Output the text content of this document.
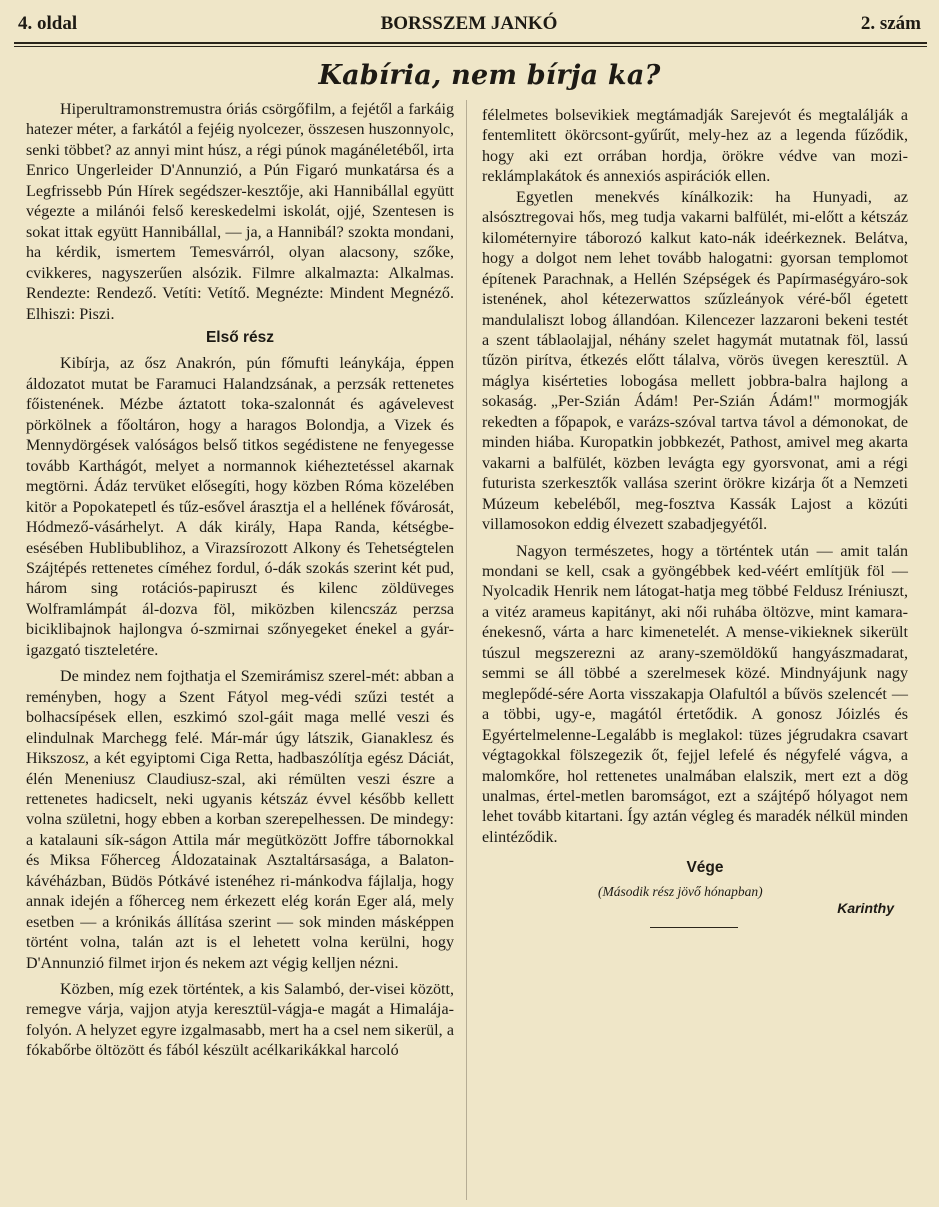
4. oldal	BORSSZEM JANKÓ	2. szám
Kabíria, nem bírja ka?

Hiperultramonstremustra óriás csörgőfilm, a fejétől a farkáig hatezer méter, a farkától a fejéig nyolcezer, összesen huszonnyolc, senki többet? az annyi mint húsz, a régi púnok magánéletéből, irta Enrico Ungerleider D'Annunzió, a Pún Figaró munkatársa és a Legfrissebb Pún Hírek segédszer-kesztője, aki Hannibállal együtt végezte a milánói felső kereskedelmi iskolát, ojjé, Szentesen is sokat ittak együtt Hannibállal, — ja, a Hannibál? szokta mondani, ha kérdik, ismertem Temesvárról, olyan alacsony, szőke, cvikkeres, nagyszerűen alsózik. Filmre alkalmazta: Alkalmas. Rendezte: Rendező. Vetíti: Vetítő. Megnézte: Mindent Megnéző. Elhiszi: Piszi.

Első rész

Kibírja, az ősz Anakrón, pún főmufti leánykája, éppen áldozatot mutat be Faramuci Halandzsának, a perzsák rettenetes főistenének. Mézbe áztatott toka-szalonnát és agávelevest pörkölnek a főoltáron, hogy a haragos Bolondja, a Vizek és Mennydörgések valóságos belső titkos segédistene ne fenyegesse tovább Karthágót, melyet a normannok kiéheztetéssel akarnak megtörni. Ádáz tervüket elősegíti, hogy közben Róma közelében kitör a Popokatepetl és tűz-esővel árasztja el a hellének fővárosát, Hódmező-vásárhelyt. A dák király, Hapa Randa, kétségbe-esésében Hublibublihoz, a Virazsírozott Alkony és Tehetségtelen Szájtépés rettenetes címéhez fordul, ó-dák szokás szerint két pud, három sing rotációs-papiruszt és kilenc zöldüveges Wolframlámpát ál-dozva föl, miközben kilencszáz perzsa biciklibajnok hajlongva ó-szmirnai szőnyegeket énekel a gyár-igazgató tiszteletére.

De mindez nem fojthatja el Szemirámisz szerel-mét: abban a reményben, hogy a Szent Fátyol meg-védi szűzi testét a bolhacsípések ellen, eszkimó szol-gáit maga mellé veszi és elindulnak Marchegg felé. Már-már úgy látszik, Gianaklesz és Hikszosz, a két egyiptomi Ciga Retta, hadbaszólítja egész Dáciát, élén Meneniusz Claudiusz-szal, aki rémülten veszi észre a rettenetes hadicselt, neki ugyanis kétszáz évvel később kellett volna születni, hogy ebben a korban szerepelhessen. De mindegy: a katalauni sík-ságon Attila már megütközött Joffre tábornokkal és Miksa Főherceg Áldozatainak Asztaltársasága, a Balaton-kávéházban, Büdös Pótkávé istenéhez ri-mánkodva fájlalja, hogy annak idején a főherceg nem érkezett elég korán Eger alá, mely esetben — a krónikás állítása szerint — sok minden másképpen történt volna, talán azt is el lehetett volna kerülni, hogy D'Annunzió filmet irjon és nekem azt végig kelljen nézni.

Közben, míg ezek történtek, a kis Salambó, der-visei között, remegve várja, vajjon atyja keresztül-vágja-e magát a Himalája-folyón. A helyzet egyre izgalmasabb, mert ha a csel nem sikerül, a fókabőrbe öltözött és fából készült acélkarikákkal harcoló

félelmetes bolsevikiek megtámadják Sarejevót és megtalálják a fentemlitett ökörcsont-gyűrűt, mely-hez az a legenda fűződik, hogy aki ezt orrában hordja, örökre védve van mozi-reklámplakátok és annexiós aspirációk ellen.

Egyetlen menekvés kínálkozik: ha Hunyadi, az alsósztregovai hős, meg tudja vakarni balfülét, mi-előtt a kétszáz kilométernyire táborozó kalkut kato-nák ideérkeznek. Belátva, hogy a dolgot nem lehet tovább halogatni: gyorsan templomot építenek Parachnak, a Hellén Szépségek és Papírmaségyáro-sok istenének, ahol kétezerwattos szűzleányok véré-ből égetett mandulaliszt lobog állandóan. Kilencezer lazzaroni bekeni testét a szent táblaolajjal, néhány szelet hagymát mutatnak föl, lassú tűzön pirítva, étkezés előtt tálalva, vörös üvegen keresztül. A máglya kisérteties lobogása mellett jobbra-balra hajlong a sokaság. „Per-Szián Ádám! Per-Szián Ádám!" mormogják rekedten a főpapok, e varázs-szóval tartva távol a démonokat, de minden hiába. Kuropatkin jobbkezét, Pathost, amivel meg akarta vakarni a balfülét, közben levágta egy gyorsvonat, ami a régi futurista szerkesztők vallása szerint örökre kizárja őt a Nemzeti Múzeum kebeléből, meg-fosztva Kassák Lajost a közúti villamosokon eddig élvezett szabadjegyétől.

Nagyon természetes, hogy a történtek után — amit talán mondani se kell, csak a gyöngébbek ked-véért említjük föl — Nyolcadik Henrik nem látogat-hatja meg többé Feldusz Iréniuszt, a vitéz arameus kapitányt, aki női ruhába öltözve, mint kamara-énekesnő, várta a harc kimenetelét. A mense-vikieknek sikerült túszul megszerezni az arany-szemöldökű hangyászmadarat, semmi se áll többé a szerelmesek közé. Mindnyájunk nagy meglepődé-sére Aorta visszakapja Olafultól a bűvös szelencét — a többi, ugy-e, magától értetődik. A gonosz Jóizlés és Egyértelmelenne-Legalább is meglakol: tüzes jégrudakra csavart végtagokkal fölszegezik őt, fejjel lefelé és négyfelé vágva, a malomkőre, hol rettenetes unalmában elalszik, mert ezt a dög unalmas, értel-metlen baromságot, ezt a szájtépő hólyagot nem lehet tovább kitartani. Így aztán végleg és maradék nélkül minden elintéződik.

Vége
(Második rész jövő hónapban)
Karinthy
